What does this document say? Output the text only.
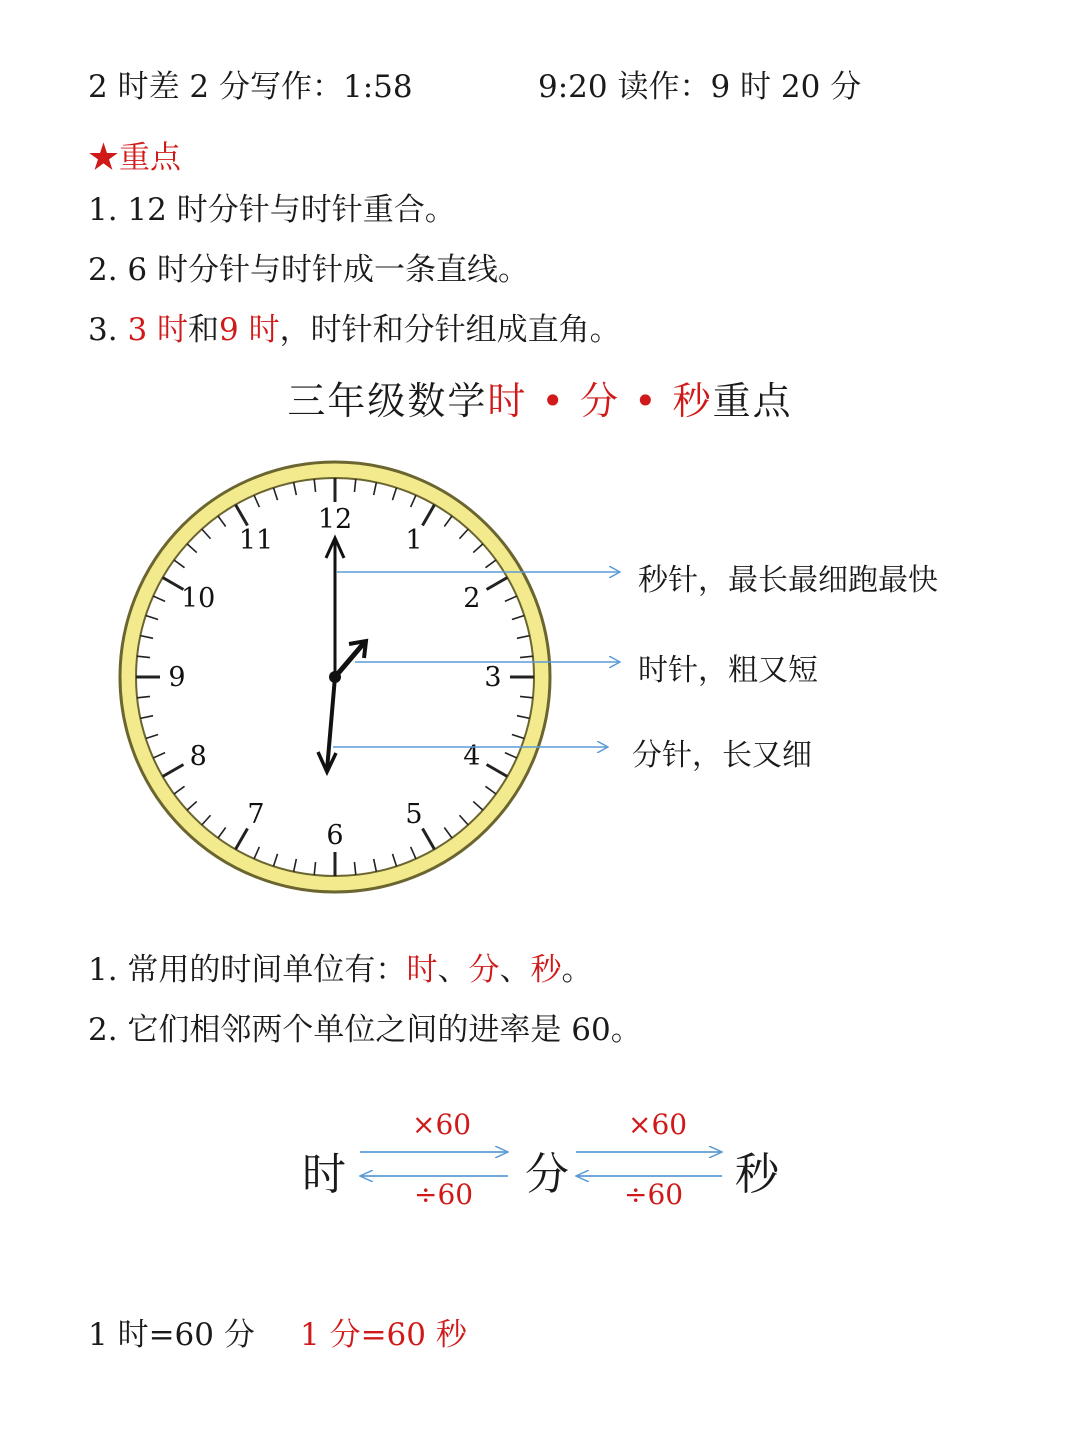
2 时差 2 分写作：1:58	9:20 读作：9 时 20 分
★重点
1. 12 时分针与时针重合。
2. 6 时分针与时针成一条直线。
3. 3 时和9 时，时针和分针组成直角。
三年级数学时 • 分 • 秒重点
12
1
2
3
4
5
6
7
8
9
10
11
秒针，最长最细跑最快
时针，粗又短
分针，长又细
1. 常用的时间单位有：时、分、秒。
2. 它们相邻两个单位之间的进率是 60。
时	分	秒
×60	×60
÷60	÷60
1 时=60 分 1 分=60 秒
